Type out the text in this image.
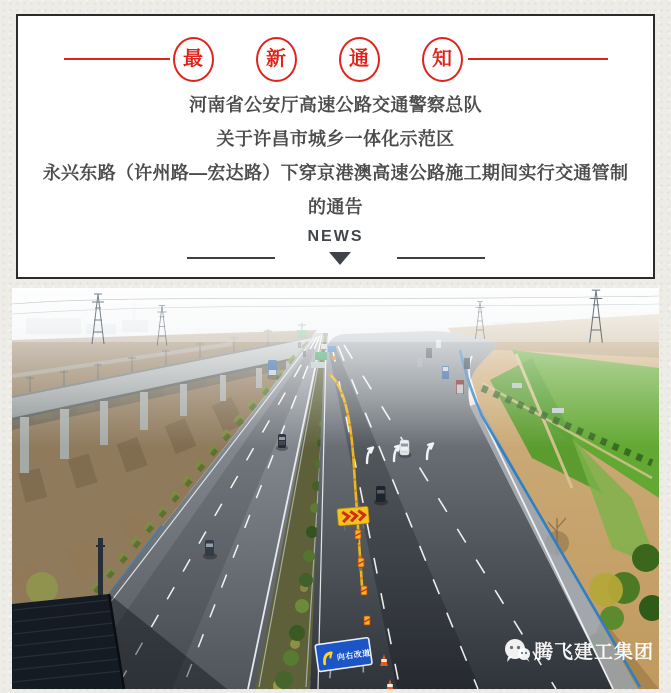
最	新	通	知
河南省公安厅高速公路交通警察总队
关于许昌市城乡一体化示范区
永兴东路（许州路—宏达路）下穿京港澳高速公路施工期间实行交通管制
的通告
NEWS
向右改道	腾飞建工集团
